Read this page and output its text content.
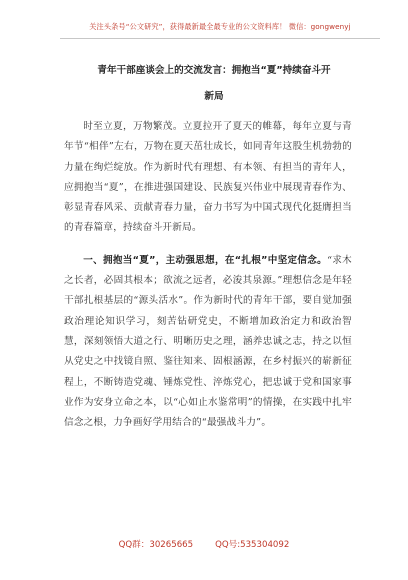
关注头条号“公文研究”，获得最新最全最专业的公文资料库！ 微信：gongwenyj
青年干部座谈会上的交流发言：拥抱当“夏”持续奋斗开
新局

时至立夏，万物繁茂。立夏拉开了夏天的帷幕，每年立夏与青年节“相伴”左右，万物在夏天茁壮成长，如同青年这股生机勃勃的力量在绚烂绽放。作为新时代有理想、有本领、有担当的青年人，应拥抱当“夏”，在推进强国建设、民族复兴伟业中展现青春作为、彰显青春风采、贡献青春力量，奋力书写为中国式现代化挺膺担当的青春篇章，持续奋斗开新局。

一、拥抱当“夏”，主动强思想，在“扎根”中坚定信念。“求木之长者，必固其根本；欲流之远者，必浚其泉源。”理想信念是年轻干部扎根基层的“源头活水”。作为新时代的青年干部，要自觉加强政治理论知识学习，刻苦钻研党史，不断增加政治定力和政治智慧，深刻领悟大道之行、明晰历史之理，涵养忠诚之志，持之以恒从党史之中找镜自照、鉴往知来、固根涵源，在乡村振兴的崭新征程上，不断铸造党魂、锤炼党性、淬炼党心，把忠诚于党和国家事业作为安身立命之本，以“心如止水鉴常明”的情操，在实践中扎牢信念之根，力争画好学用结合的“最强战斗力”。

QQ群：30265665	QQ号:535304092
